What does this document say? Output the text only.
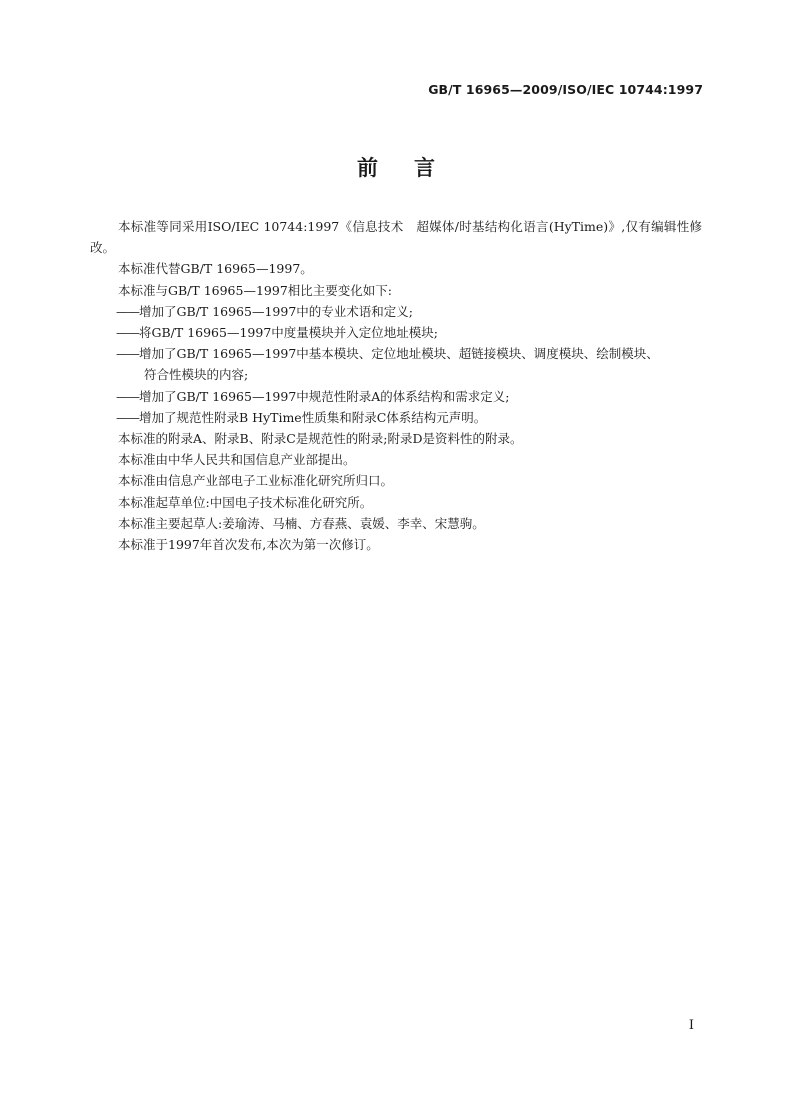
GB/T 16965—2009/ISO/IEC 10744:1997
前言

本标准等同采用ISO/IEC 10744:1997《信息技术　超媒体/时基结构化语言(HyTime)》,仅有编辑性修改。

本标准代替GB/T 16965—1997。

本标准与GB/T 16965—1997相比主要变化如下:

——增加了GB/T 16965—1997中的专业术语和定义;

——将GB/T 16965—1997中度量模块并入定位地址模块;

——增加了GB/T 16965—1997中基本模块、定位地址模块、超链接模块、调度模块、绘制模块、
符合性模块的内容;

——增加了GB/T 16965—1997中规范性附录A的体系结构和需求定义;

——增加了规范性附录B HyTime性质集和附录C体系结构元声明。

本标准的附录A、附录B、附录C是规范性的附录;附录D是资料性的附录。

本标准由中华人民共和国信息产业部提出。

本标准由信息产业部电子工业标准化研究所归口。

本标准起草单位:中国电子技术标准化研究所。

本标准主要起草人:姜瑜涛、马楠、方春燕、袁媛、李幸、宋慧驹。

本标准于1997年首次发布,本次为第一次修订。

I
